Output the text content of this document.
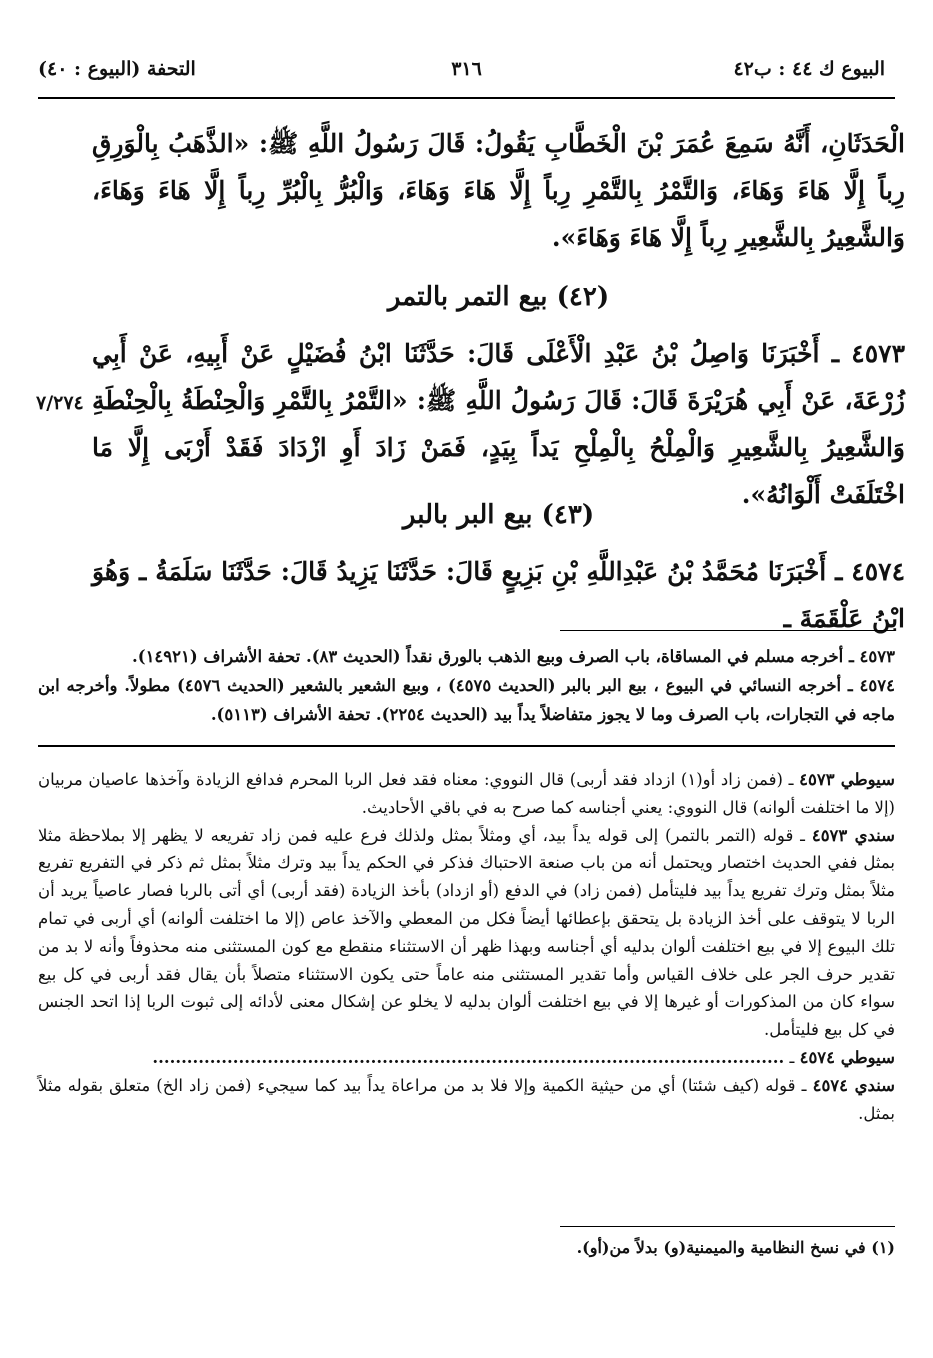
البيوع ك ٤٤ : ب٤٢
٣١٦
التحفة (البيوع : ٤٠)
الْحَدَثَانِ، أَنَّهُ سَمِعَ عُمَرَ بْنَ الْخَطَّابِ يَقُولُ: قَالَ رَسُولُ اللَّهِ ﷺ: «الذَّهَبُ بِالْوَرِقِ رِباً إِلَّا هَاءَ وَهَاءَ، وَالتَّمْرُ بِالتَّمْرِ رِباً إِلَّا هَاءَ وَهَاءَ، وَالْبُرُّ بِالْبُرِّ رِباً إِلَّا هَاءَ وَهَاءَ، وَالشَّعِيرُ بِالشَّعِيرِ رِباً إِلَّا هَاءَ وَهَاءَ».
(٤٢) بيع التمر بالتمر
٤٥٧٣ ـ أَخْبَرَنَا وَاصِلُ بْنُ عَبْدِ الْأَعْلَى قَالَ: حَدَّثَنَا ابْنُ فُضَيْلٍ عَنْ أَبِيهِ، عَنْ أَبِي زُرْعَةَ، عَنْ أَبِي هُرَيْرَةَ قَالَ: قَالَ رَسُولُ اللَّهِ ﷺ: «التَّمْرُ بِالتَّمْرِ وَالْحِنْطَةُ بِالْحِنْطَةِ وَالشَّعِيرُ بِالشَّعِيرِ وَالْمِلْحُ بِالْمِلْحِ يَداً بِيَدٍ، فَمَنْ زَادَ أَوِ ازْدَادَ فَقَدْ أَرْبَى إِلَّا مَا اخْتَلَفَتْ أَلْوَانُهُ».
٧/٢٧٤
(٤٣) بيع البر بالبر
٤٥٧٤ ـ أَخْبَرَنَا مُحَمَّدُ بْنُ عَبْدِاللَّهِ بْنِ بَزِيعٍ قَالَ: حَدَّثَنَا يَزِيدُ قَالَ: حَدَّثَنَا سَلَمَةُ ـ وَهُوَ ابْنُ عَلْقَمَةَ ـ

٤٥٧٣ ـ أخرجه مسلم في المساقاة، باب الصرف وبيع الذهب بالورق نقداً (الحديث ٨٣). تحفة الأشراف (١٤٩٢١).

٤٥٧٤ ـ أخرجه النسائي في البيوع ، بيع البر بالبر (الحديث ٤٥٧٥) ، وبيع الشعير بالشعير (الحديث ٤٥٧٦) مطولاً. وأخرجه ابن ماجه في التجارات، باب الصرف وما لا يجوز متفاضلاً يداً بيد (الحديث ٢٢٥٤). تحفة الأشراف (٥١١٣).

سيوطي ٤٥٧٣ ـ (فمن زاد أو(١) ازداد فقد أربى) قال النووي: معناه فقد فعل الربا المحرم فدافع الزيادة وآخذها عاصيان مربيان (إلا ما اختلفت ألوانه) قال النووي: يعني أجناسه كما صرح به في باقي الأحاديث.

سندي ٤٥٧٣ ـ قوله (التمر بالتمر) إلى قوله يداً بيد، أي ومثلاً بمثل ولذلك فرع عليه فمن زاد تفريعه لا يظهر إلا بملاحظة مثلا بمثل ففي الحديث اختصار ويحتمل أنه من باب صنعة الاحتباك فذكر في الحكم يداً بيد وترك مثلاً بمثل ثم ذكر في التفريع تفريع مثلاً بمثل وترك تفريع يداً بيد فليتأمل (فمن زاد) في الدفع (أو ازداد) بأخذ الزيادة (فقد أربى) أي أتى بالربا فصار عاصياً يريد أن الربا لا يتوقف على أخذ الزيادة بل يتحقق بإعطائها أيضاً فكل من المعطي والآخذ عاص (إلا ما اختلفت ألوانه) أي أربى في تمام تلك البيوع إلا في بيع اختلفت ألوان بدليه أي أجناسه وبهذا ظهر أن الاستثناء منقطع مع كون المستثنى منه محذوفاً وأنه لا بد من تقدير حرف الجر على خلاف القياس وأما تقدير المستثنى منه عاماً حتى يكون الاستثناء متصلاً بأن يقال فقد أربى في كل بيع سواء كان من المذكورات أو غيرها إلا في بيع اختلفت ألوان بدليه لا يخلو عن إشكال معنى لأدائه إلى ثبوت الربا إذا اتحد الجنس في كل بيع فليتأمل.

سيوطي ٤٥٧٤ ـ ..............................................................................................................

سندي ٤٥٧٤ ـ قوله (كيف شئتا) أي من حيثية الكمية وإلا فلا بد من مراعاة يداً بيد كما سيجيء (فمن زاد الخ) متعلق بقوله مثلاً بمثل.

(١) في نسخ النظامية والميمنية(و) بدلاً من(أو).
